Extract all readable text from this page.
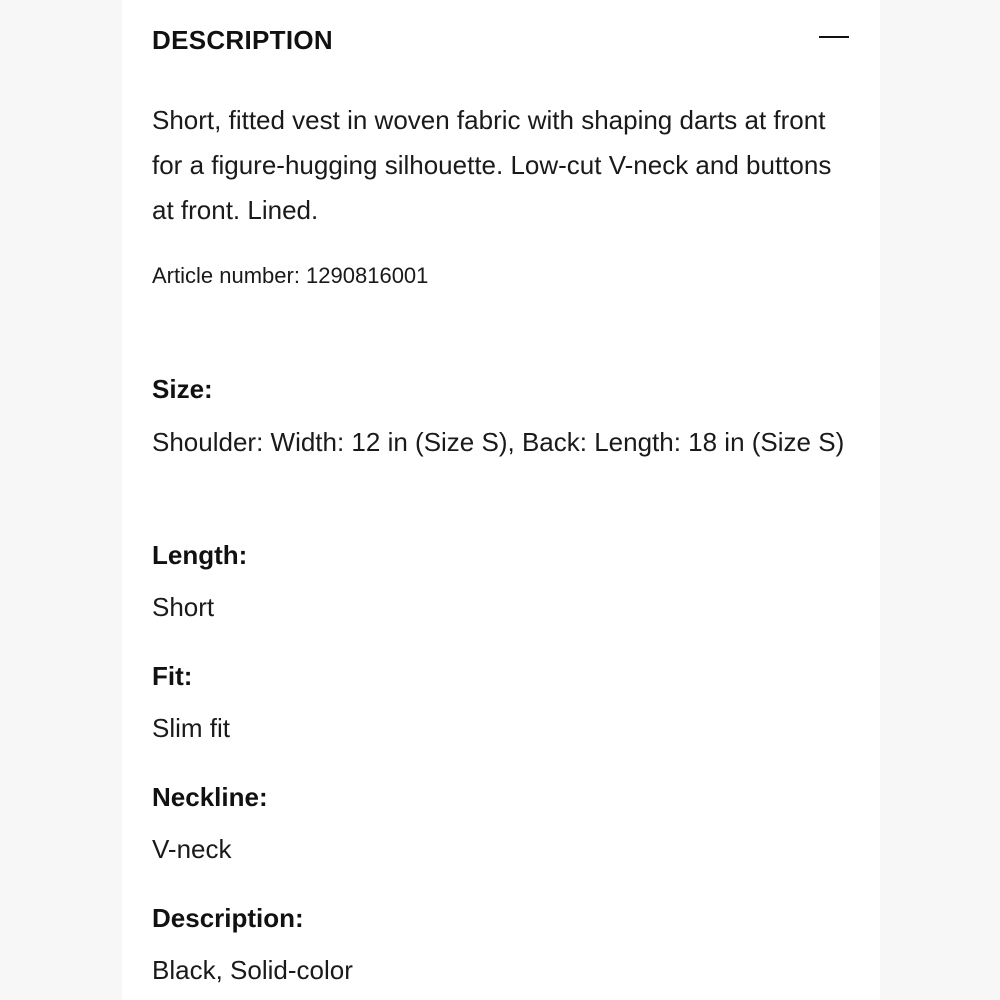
DESCRIPTION
Short, fitted vest in woven fabric with shaping darts at front for a figure-hugging silhouette. Low-cut V-neck and buttons at front. Lined.
Article number: 1290816001
Size:
Shoulder: Width: 12 in (Size S), Back: Length: 18 in (Size S)
Length:
Short
Fit:
Slim fit
Neckline:
V-neck
Description:
Black, Solid-color
